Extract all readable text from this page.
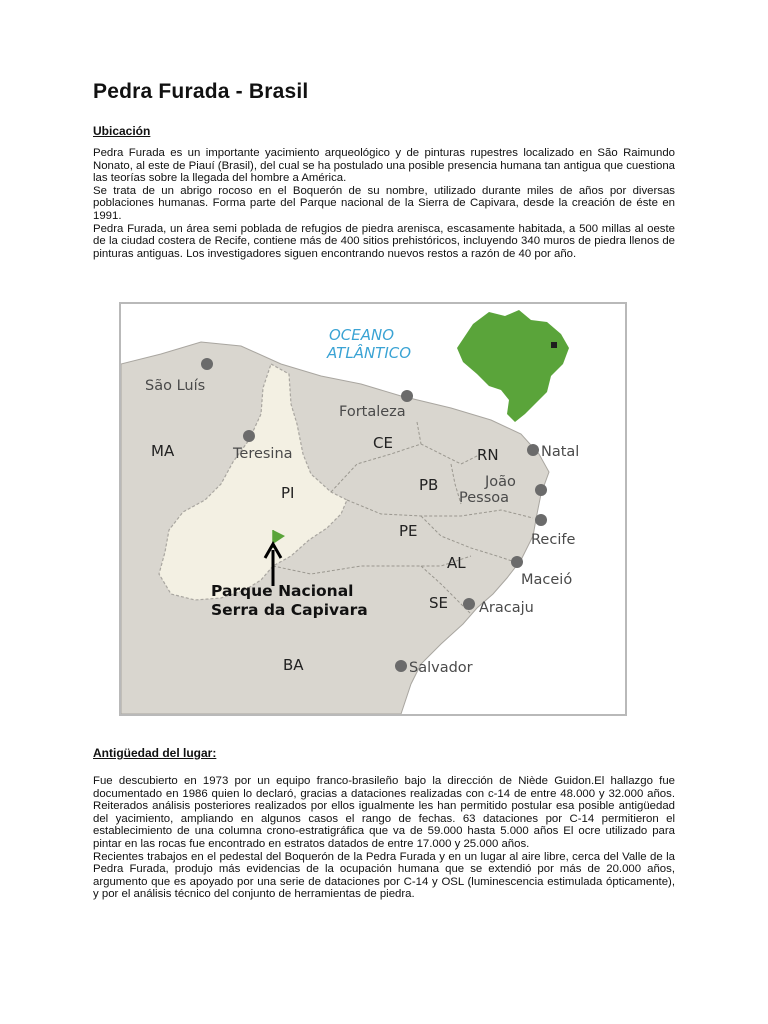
Pedra Furada - Brasil
Ubicación

Pedra Furada es un importante yacimiento arqueológico y de pinturas rupestres localizado en São Raimundo Nonato, al este de Piauí (Brasil), del cual se ha postulado una posible presencia humana tan antigua que cuestiona las teorías sobre la llegada del hombre a América.
Se trata de un abrigo rocoso en el Boquerón de su nombre, utilizado durante miles de años por diversas poblaciones humanas. Forma parte del Parque nacional de la Sierra de Capivara, desde la creación de éste en 1991.
Pedra Furada, un área semi poblada de refugios de piedra arenisca, escasamente habitada, a 500 millas al oeste de la ciudad costera de Recife, contiene más de 400 sitios prehistóricos, incluyendo 340 muros de piedra llenos de pinturas antiguas. Los investigadores siguen encontrando nuevos restos a razón de 40 por año.

OCEANO
ATLÂNTICO
São Luís
Fortaleza
Teresina	Natal
João
Pessoa
Recife
Maceió
Aracaju
Salvador
MA	CE
RN
PI	PB
PE
AL
SE
BA
Parque Nacional
Serra da Capivara
Antigüedad del lugar:

Fue descubierto en 1973 por un equipo franco-brasileño bajo la dirección de Niède Guidon.El hallazgo fue documentado en 1986 quien lo declaró, gracias a dataciones realizadas con c-14 de entre 48.000 y 32.000 años. Reiterados análisis posteriores realizados por ellos igualmente les han permitido postular esa posible antigüedad del yacimiento, ampliando en algunos casos el rango de fechas. 63 dataciones por C-14 permitieron el establecimiento de una columna crono-estratigráfica que va de 59.000 hasta 5.000 años El ocre utilizado para pintar en las rocas fue encontrado en estratos datados de entre 17.000 y 25.000 años.
Recientes trabajos en el pedestal del Boquerón de la Pedra Furada y en un lugar al aire libre, cerca del Valle de la Pedra Furada, produjo más evidencias de la ocupación humana que se extendió por más de 20.000 años, argumento que es apoyado por una serie de dataciones por C-14 y OSL (luminescencia estimulada ópticamente), y por el análisis técnico del conjunto de herramientas de piedra.
